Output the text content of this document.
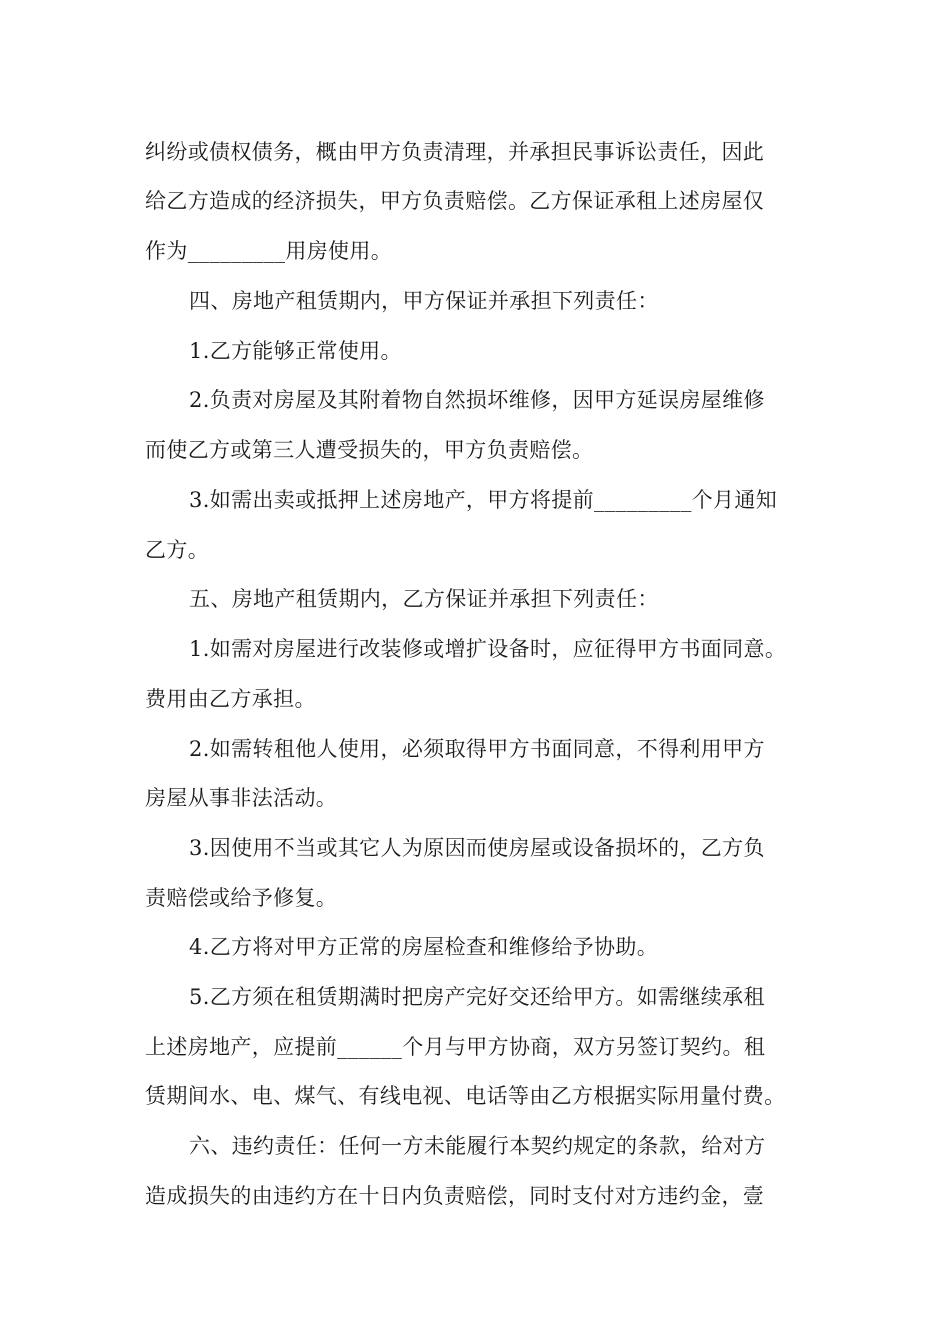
纠纷或债权债务，概由甲方负责清理，并承担民事诉讼责任，因此
给乙方造成的经济损失，甲方负责赔偿。乙方保证承租上述房屋仅
作为_________用房使用。
四、房地产租赁期内，甲方保证并承担下列责任：
1.乙方能够正常使用。
2.负责对房屋及其附着物自然损坏维修，因甲方延误房屋维修
而使乙方或第三人遭受损失的，甲方负责赔偿。
3.如需出卖或抵押上述房地产，甲方将提前_________个月通知
乙方。
五、房地产租赁期内，乙方保证并承担下列责任：
1.如需对房屋进行改装修或增扩设备时，应征得甲方书面同意。
费用由乙方承担。
2.如需转租他人使用，必须取得甲方书面同意，不得利用甲方
房屋从事非法活动。
3.因使用不当或其它人为原因而使房屋或设备损坏的，乙方负
责赔偿或给予修复。
4.乙方将对甲方正常的房屋检查和维修给予协助。
5.乙方须在租赁期满时把房产完好交还给甲方。如需继续承租
上述房地产，应提前______个月与甲方协商，双方另签订契约。租
赁期间水、电、煤气、有线电视、电话等由乙方根据实际用量付费。
六、违约责任：任何一方未能履行本契约规定的条款，给对方
造成损失的由违约方在十日内负责赔偿，同时支付对方违约金，壹
